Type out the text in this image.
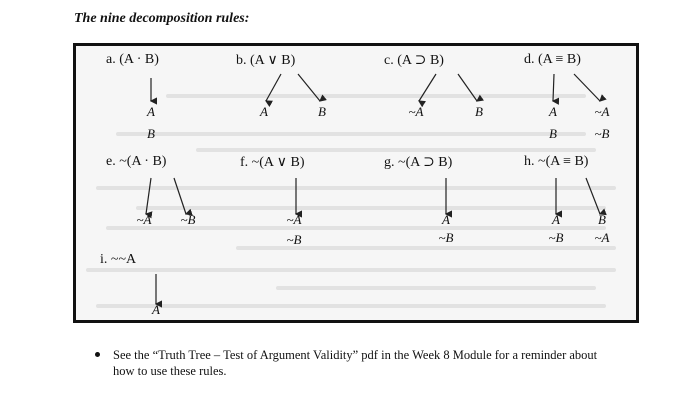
The nine decomposition rules:
a. (A · B)	b. (A ∨ B)	c. (A ⊃ B)	d. (A ≡ B)
A
B
A	B	~A	B	A
B
~A
~B
e. ~(A · B)	f. ~(A ∨ B)	g. ~(A ⊃ B)	h. ~(A ≡ B)
~A ~B	~A
~B
A
~B
A
~B
B
~A
i. ~~A
A
See the “Truth Tree – Test of Argument Validity” pdf in the Week 8 Module for a reminder about how to use these rules.
